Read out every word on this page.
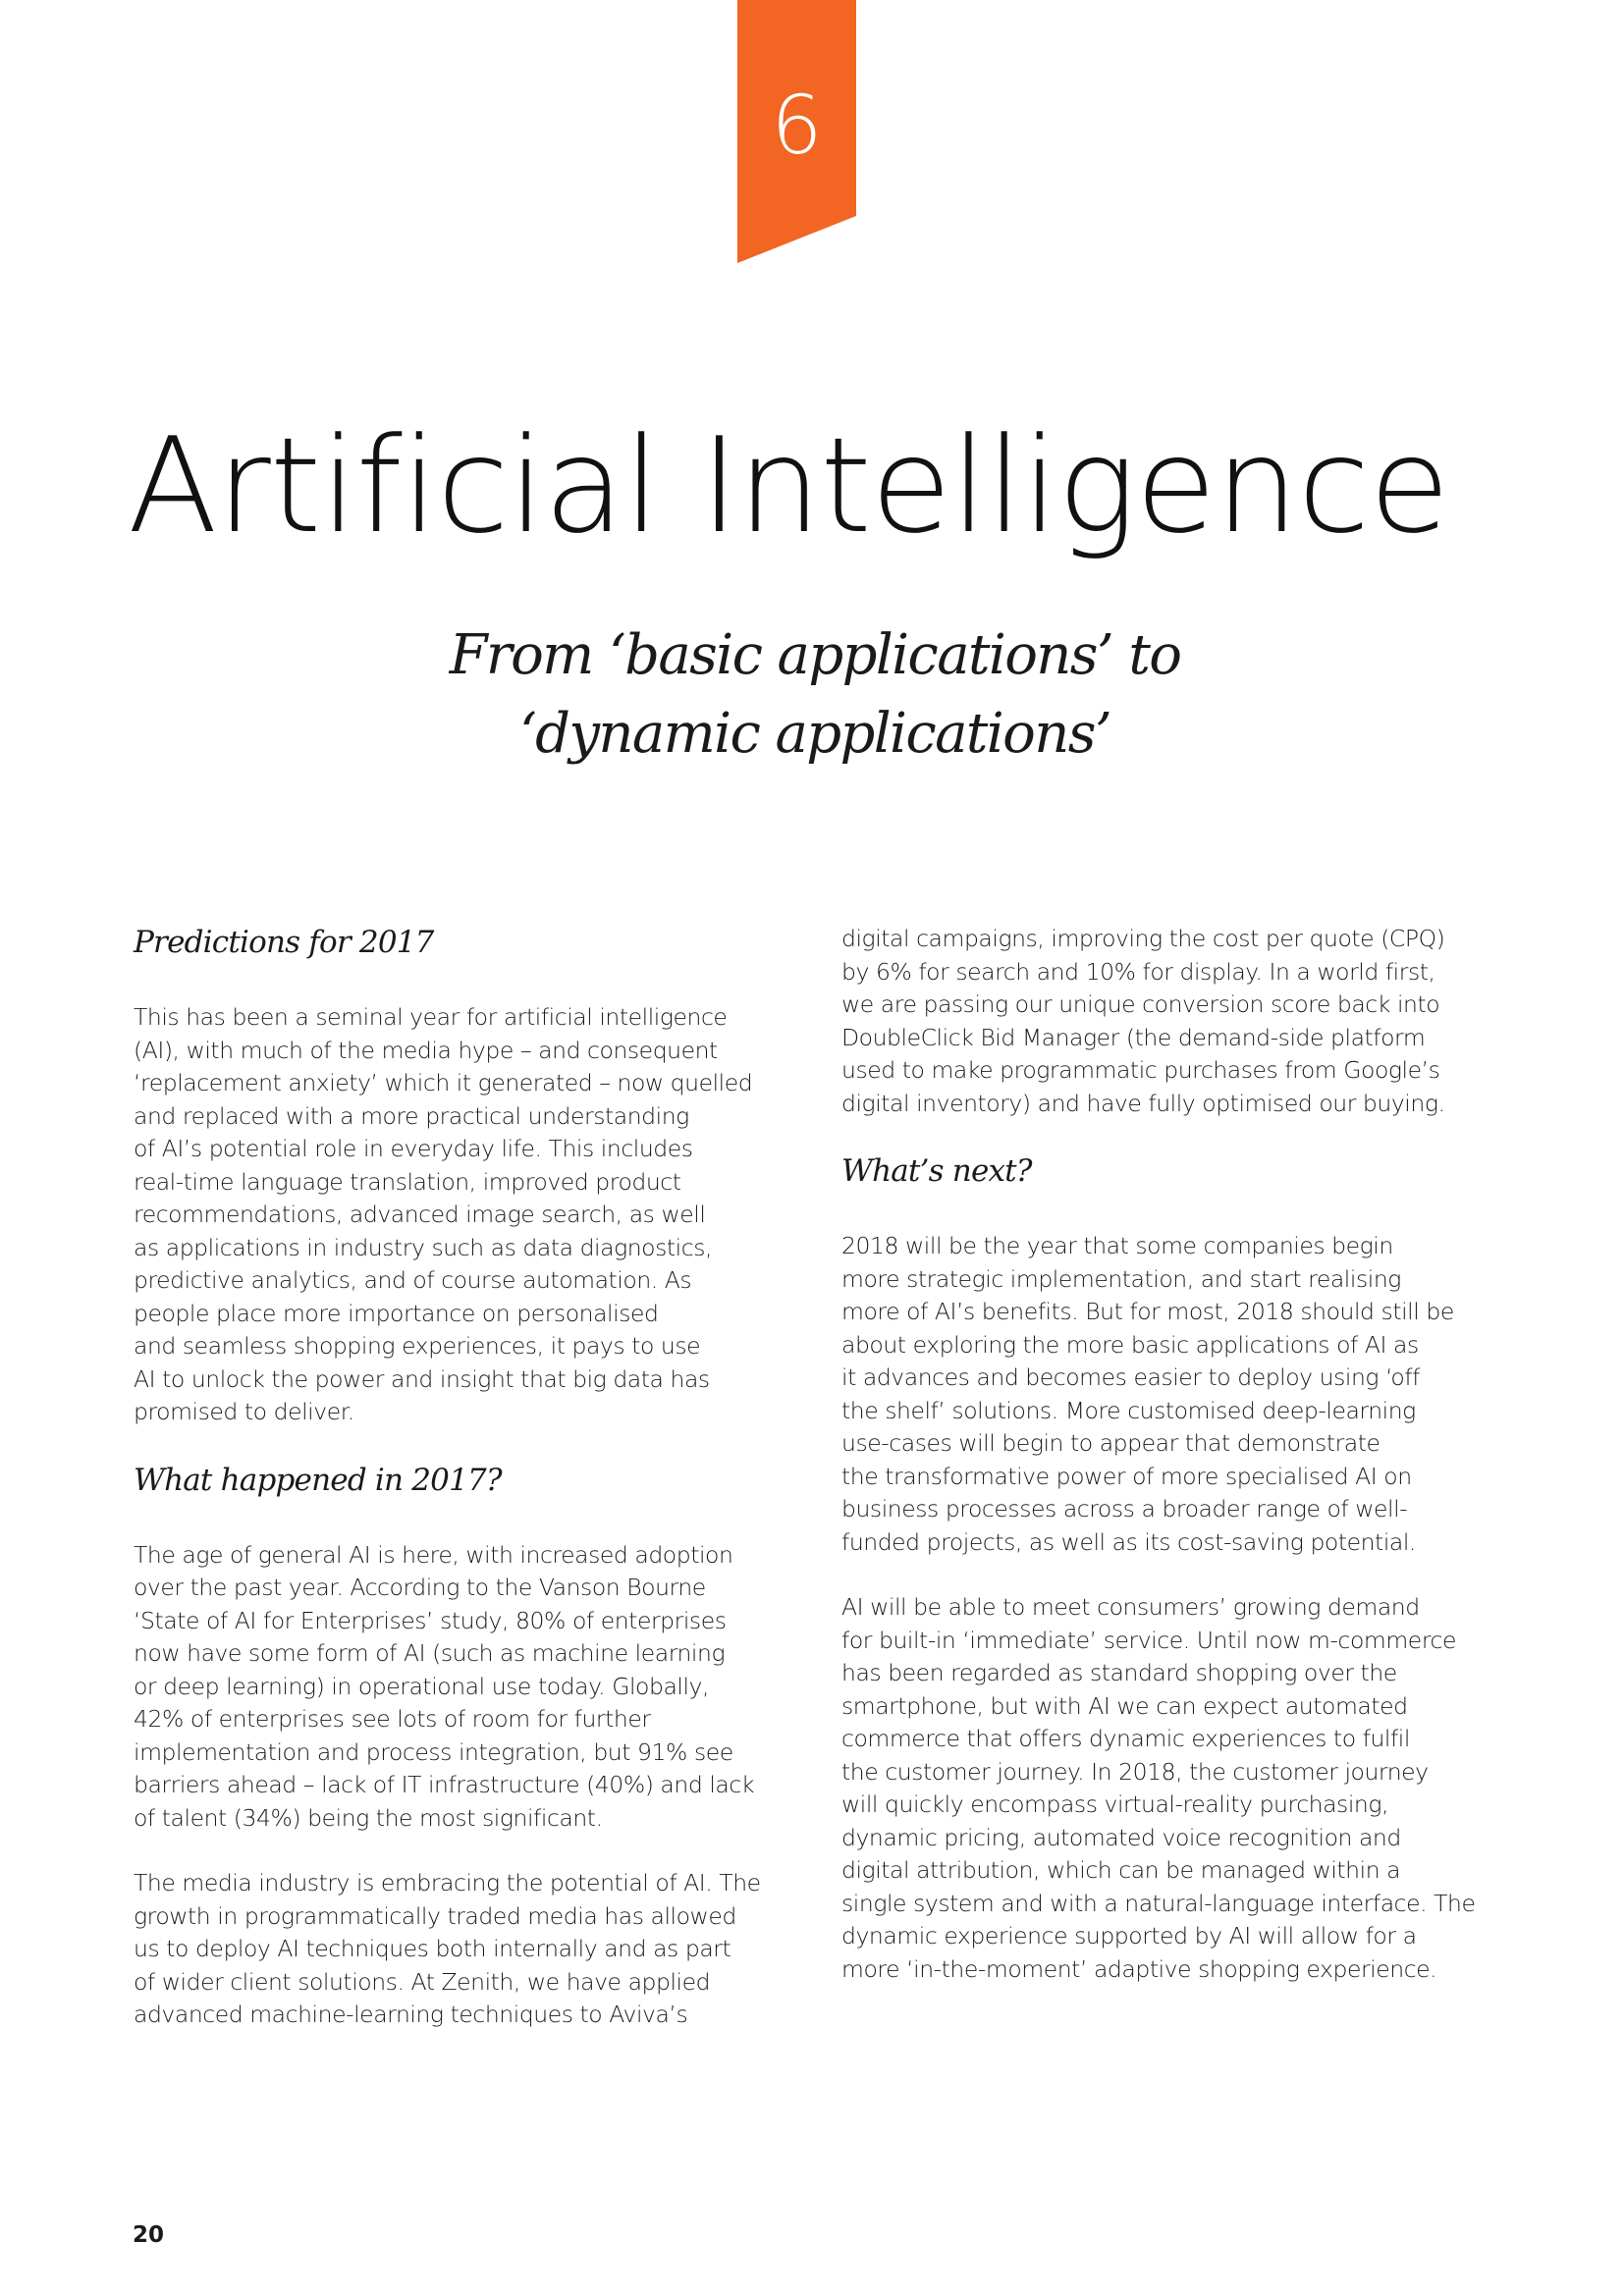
6
Artificial Intelligence
From ‘basic applications’ to
‘dynamic applications’
Predictions for 2017

This has been a seminal year for artificial intelligence
(AI), with much of the media hype – and consequent
‘replacement anxiety’ which it generated – now quelled
and replaced with a more practical understanding
of AI’s potential role in everyday life. This includes
real-time language translation, improved product
recommendations, advanced image search, as well
as applications in industry such as data diagnostics,
predictive analytics, and of course automation. As
people place more importance on personalised
and seamless shopping experiences, it pays to use
AI to unlock the power and insight that big data has
promised to deliver.

What happened in 2017?

The age of general AI is here, with increased adoption
over the past year. According to the Vanson Bourne
‘State of AI for Enterprises’ study, 80% of enterprises
now have some form of AI (such as machine learning
or deep learning) in operational use today. Globally,
42% of enterprises see lots of room for further
implementation and process integration, but 91% see
barriers ahead – lack of IT infrastructure (40%) and lack
of talent (34%) being the most significant.

The media industry is embracing the potential of AI. The
growth in programmatically traded media has allowed
us to deploy AI techniques both internally and as part
of wider client solutions. At Zenith, we have applied
advanced machine-learning techniques to Aviva’s

digital campaigns, improving the cost per quote (CPQ)
by 6% for search and 10% for display. In a world first,
we are passing our unique conversion score back into
DoubleClick Bid Manager (the demand-side platform
used to make programmatic purchases from Google’s
digital inventory) and have fully optimised our buying.

What’s next?

2018 will be the year that some companies begin
more strategic implementation, and start realising
more of AI’s benefits. But for most, 2018 should still be
about exploring the more basic applications of AI as
it advances and becomes easier to deploy using ‘off
the shelf’ solutions. More customised deep-learning
use-cases will begin to appear that demonstrate
the transformative power of more specialised AI on
business processes across a broader range of well-
funded projects, as well as its cost-saving potential.

AI will be able to meet consumers’ growing demand
for built-in ‘immediate’ service. Until now m-commerce
has been regarded as standard shopping over the
smartphone, but with AI we can expect automated
commerce that offers dynamic experiences to fulfil
the customer journey. In 2018, the customer journey
will quickly encompass virtual-reality purchasing,
dynamic pricing, automated voice recognition and
digital attribution, which can be managed within a
single system and with a natural-language interface. The
dynamic experience supported by AI will allow for a
more ‘in-the-moment’ adaptive shopping experience.

20
